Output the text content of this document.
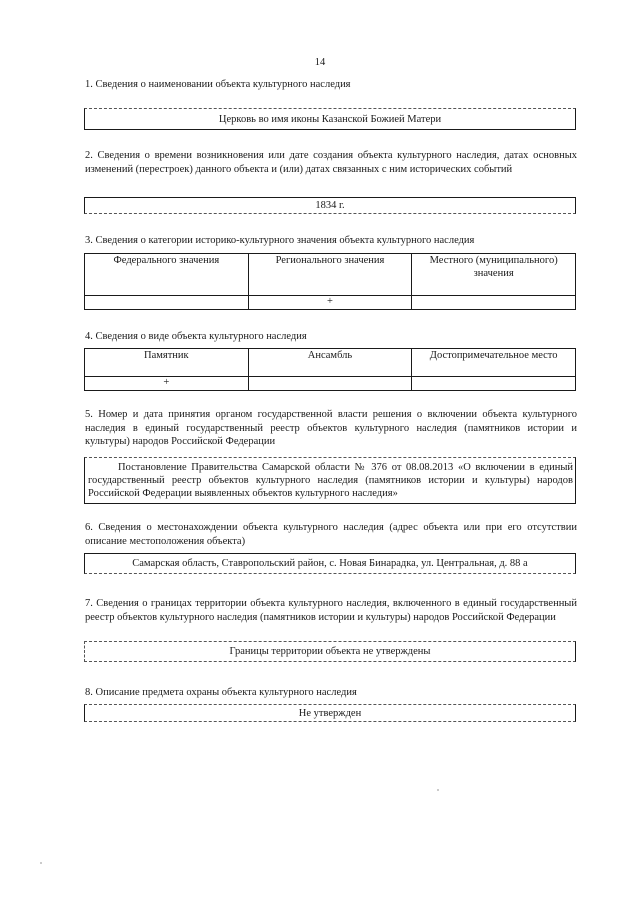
14
1. Сведения о наименовании объекта культурного наследия
Церковь во имя иконы Казанской Божией Матери
2. Сведения о времени возникновения или дате создания объекта культурного наследия, датах основных изменений (перестроек) данного объекта и (или) датах связанных с ним исторических событий
1834 г.
3. Сведения о категории историко-культурного значения объекта культурного наследия
Федерального значения	Регионального значения	Местного (муниципального) значения
	+	
4. Сведения о виде объекта культурного наследия
Памятник	Ансамбль	Достопримечательное место
+		
5. Номер и дата принятия органом государственной власти решения о включении объекта культурного наследия в единый государственный реестр объектов культурного наследия (памятников истории и культуры) народов Российской Федерации
Постановление Правительства Самарской области № 376 от 08.08.2013 «О включении в единый государственный реестр объектов культурного наследия (памятников истории и культуры) народов Российской Федерации выявленных объектов культурного наследия»
6. Сведения о местонахождении объекта культурного наследия (адрес объекта или при его отсутствии описание местоположения объекта)
Самарская область, Ставропольский район, с. Новая Бинарадка, ул. Центральная, д. 88 а
7. Сведения о границах территории объекта культурного наследия, включенного в единый государственный реестр объектов культурного наследия (памятников истории и культуры) народов Российской Федерации
Границы территории объекта не утверждены
8. Описание предмета охраны объекта культурного наследия
Не утвержден
